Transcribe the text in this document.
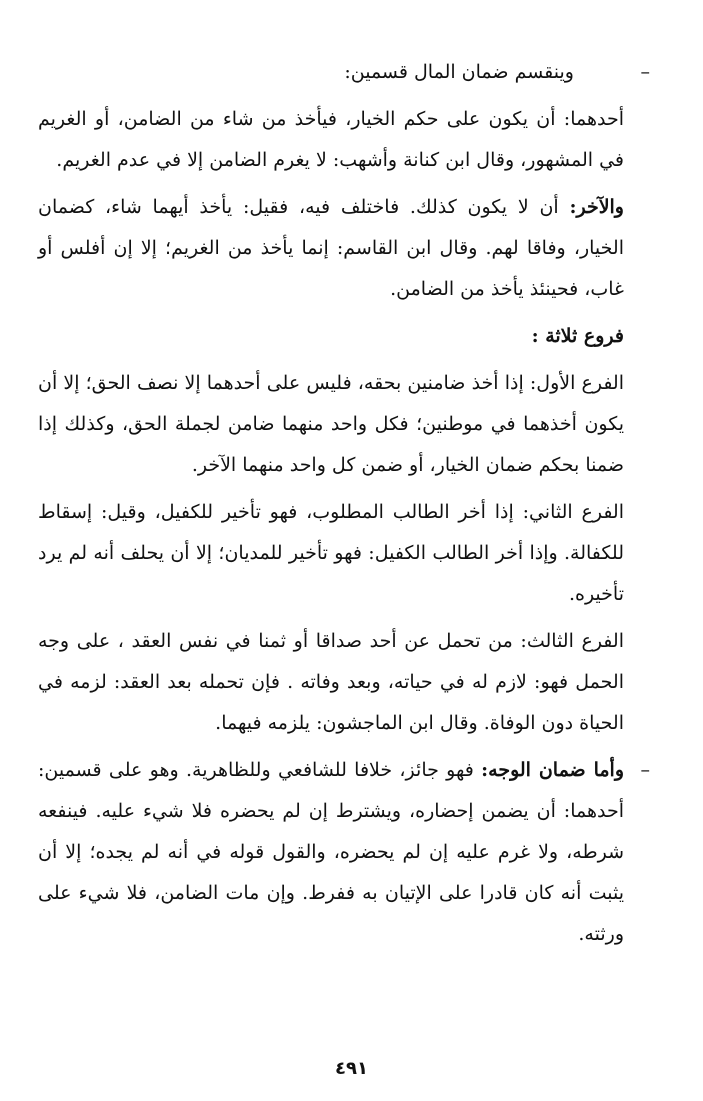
–
وينقسم ضمان المال قسمين:

أحدهما: أن يكون على حكم الخيار، فيأخذ من شاء من الضامن، أو الغريم في المشهور، وقال ابن كنانة وأشهب: لا يغرم الضامن إلا في عدم الغريم.

والآخر: أن لا يكون كذلك. فاختلف فيه، فقيل: يأخذ أيهما شاء، كضمان الخيار، وفاقا لهم. وقال ابن القاسم: إنما يأخذ من الغريم؛ إلا إن أفلس أو غاب، فحينئذ يأخذ من الضامن.

فروع ثلاثة :

الفرع الأول: إذا أخذ ضامنين بحقه، فليس على أحدهما إلا نصف الحق؛ إلا أن يكون أخذهما في موطنين؛ فكل واحد منهما ضامن لجملة الحق، وكذلك إذا ضمنا بحكم ضمان الخيار، أو ضمن كل واحد منهما الآخر.

الفرع الثاني: إذا أخر الطالب المطلوب، فهو تأخير للكفيل، وقيل: إسقاط للكفالة. وإذا أخر الطالب الكفيل: فهو تأخير للمديان؛ إلا أن يحلف أنه لم يرد تأخيره.

الفرع الثالث: من تحمل عن أحد صداقا أو ثمنا في نفس العقد ، على وجه الحمل فهو: لازم له في حياته، وبعد وفاته . فإن تحمله بعد العقد: لزمه في الحياة دون الوفاة. وقال ابن الماجشون: يلزمه فيهما.

–
وأما ضمان الوجه: فهو جائز، خلافا للشافعي وللظاهرية. وهو على قسمين: أحدهما: أن يضمن إحضاره، ويشترط إن لم يحضره فلا شيء عليه. فينفعه شرطه، ولا غرم عليه إن لم يحضره، والقول قوله في أنه لم يجده؛ إلا أن يثبت أنه كان قادرا على الإتيان به ففرط. وإن مات الضامن، فلا شيء على ورثته.

٤٩١
